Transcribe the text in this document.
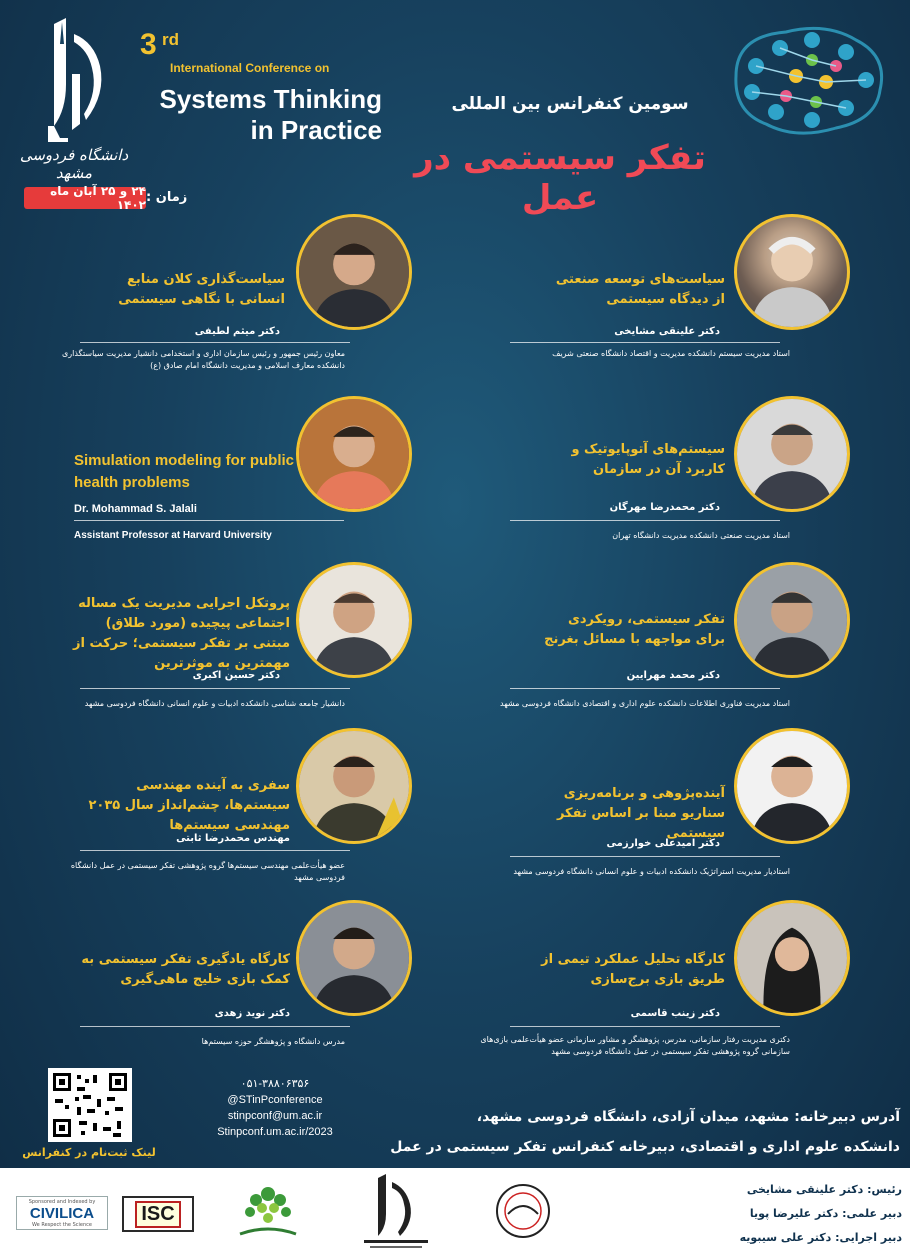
دانشگاه فردوسی مشهد
3 rd
International Conference on
Systems Thinking in Practice
سومین کنفرانس بین المللی
تفکر سیستمی در عمل
زمان :
۲۴ و ۲۵ آبان ماه ۱۴۰۲
سیاست‌های توسعه صنعتی از دیدگاه سیستمی
دکتر علینقی مشایخی
استاد مدیریت سیستم دانشکده مدیریت و اقتصاد دانشگاه صنعتی شریف
سیاست‌گذاری کلان منابع انسانی با نگاهی سیستمی
دکتر میثم لطیفی
معاون رئیس جمهور و رئیس سازمان اداری و استخدامی دانشیار مدیریت سیاستگذاری دانشکده معارف اسلامی و مدیریت دانشگاه امام صادق (ع)
سیستم‌های آتوپایوتیک و کاربرد آن در سازمان
دکتر محمدرضا مهرگان
استاد مدیریت صنعتی دانشکده مدیریت دانشگاه تهران
Simulation modeling for public health problems
Dr. Mohammad S. Jalali
Assistant Professor at Harvard University
تفکر سیستمی، رویکردی برای مواجهه با مسائل بغرنج
دکتر محمد مهرایین
استاد مدیریت فناوری اطلاعات دانشکده علوم اداری و اقتصادی دانشگاه فردوسی مشهد
پروتکل اجرایی مدیریت یک مساله اجتماعی پیچیده (مورد طلاق) مبتنی بر تفکر سیستمی؛ حرکت از مهمترین به موثرترین
دکتر حسین اکبری
دانشیار جامعه شناسی دانشکده ادبیات و علوم انسانی دانشگاه فردوسی مشهد
آینده‌پژوهی و برنامه‌ریزی سناریو مبنا بر اساس تفکر سیستمی
دکتر امیدعلی خوارزمی
استادیار مدیریت استراتژیک دانشکده ادبیات و علوم انسانی دانشگاه فردوسی مشهد
سفری به آینده مهندسی سیستم‌ها، چشم‌انداز سال ۲۰۳۵ مهندسی سیستم‌ها
مهندس محمدرضا ثابتی
عضو هیأت‌علمی مهندسی سیستم‌ها گروه پژوهشی تفکر سیستمی در عمل دانشگاه فردوسی مشهد
کارگاه تحلیل عملکرد تیمی از طریق بازی برج‌سازی
دکتر زینب قاسمی
دکتری مدیریت رفتار سازمانی، مدرس، پژوهشگر و مشاور سازمانی عضو هیأت‌علمی بازی‌های سازمانی گروه پژوهشی تفکر سیستمی در عمل دانشگاه فردوسی مشهد
کارگاه یادگیری تفکر سیستمی به کمک بازی خلیج ماهی‌گیری
دکتر نوید زهدی
مدرس دانشگاه و پژوهشگر حوزه سیستم‌ها
لینک ثبت‌نام در کنفرانس
۰۵۱-۳۸۸۰۶۳۵۶
@STinPconference
stinpconf@um.ac.ir
Stinpconf.um.ac.ir/2023
آدرس دبیرخانه: مشهد، میدان آزادی، دانشگاه فردوسی مشهد،
دانشکده علوم اداری و اقتصادی، دبیرخانه کنفرانس تفکر سیستمی در عمل
Sponsored and Indexed by
CIVILICA
We Respect the Science	ISC
رئیس: دکتر علینقی مشایخی
دبیر علمی: دکتر علیرضا پویا
دبیر اجرایی: دکتر علی سیبویه
